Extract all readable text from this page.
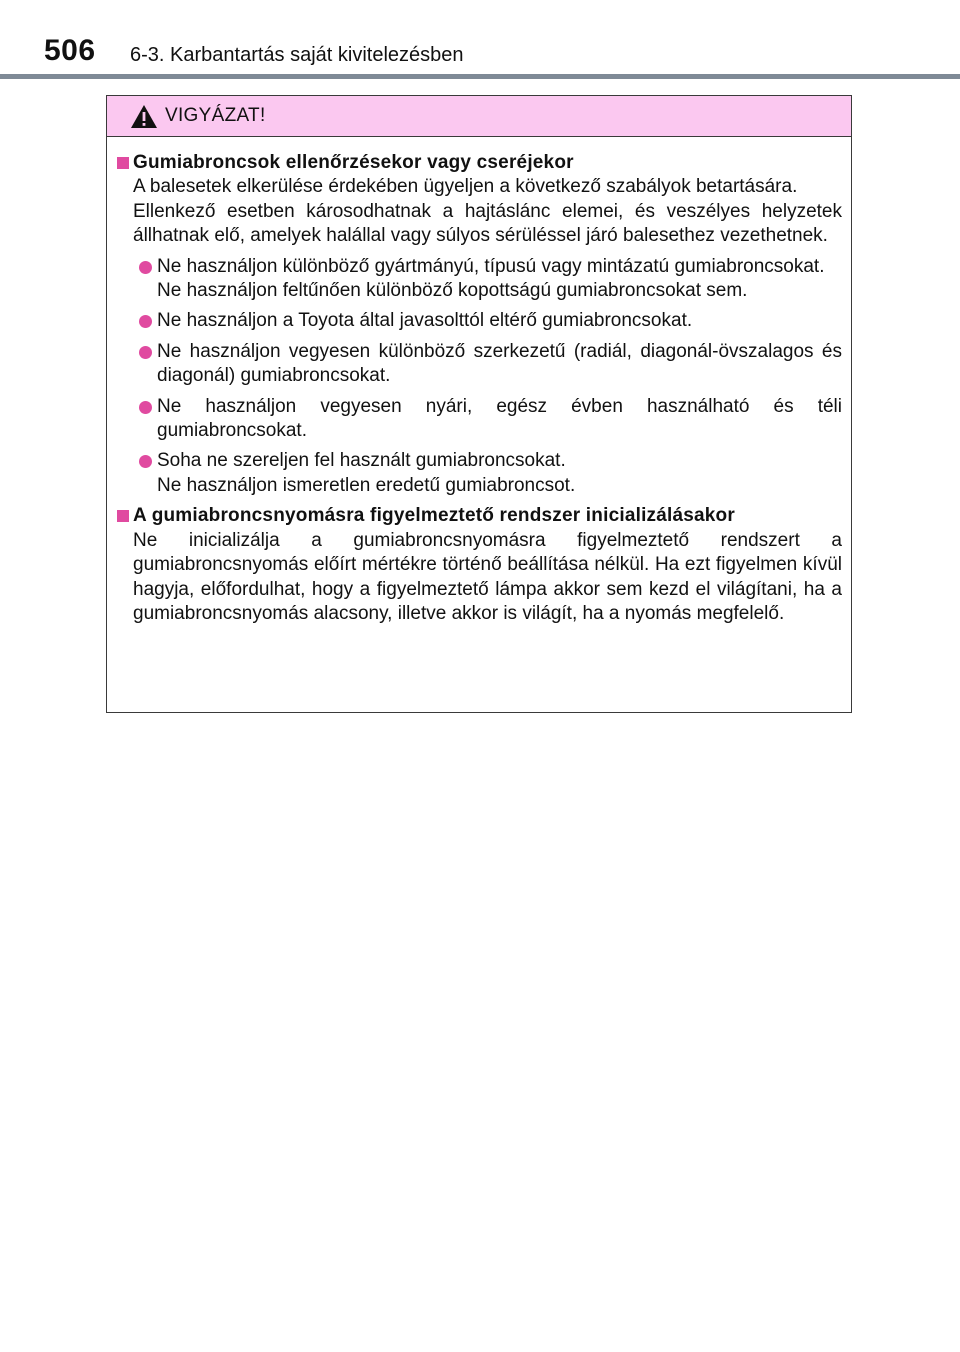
506 6-3. Karbantartás saját kivitelezésben
VIGYÁZAT!
Gumiabroncsok ellenőrzésekor vagy cseréjekor
A balesetek elkerülése érdekében ügyeljen a következő szabályok betartására.
Ellenkező esetben károsodhatnak a hajtáslánc elemei, és veszélyes helyzetek állhatnak elő, amelyek halállal vagy súlyos sérüléssel járó balesethez vezethetnek.

Ne használjon különböző gyártmányú, típusú vagy mintázatú gumiabroncsokat.

Ne használjon feltűnően különböző kopottságú gumiabroncsokat sem.

Ne használjon a Toyota által javasolttól eltérő gumiabroncsokat.

Ne használjon vegyesen különböző szerkezetű (radiál, diagonál-övszalagos és diagonál) gumiabroncsokat.

Ne használjon vegyesen nyári, egész évben használható és téli gumiabroncsokat.

Soha ne szereljen fel használt gumiabroncsokat.

Ne használjon ismeretlen eredetű gumiabroncsot.

A gumiabroncsnyomásra figyelmeztető rendszer inicializálásakor
Ne inicializálja a gumiabroncsnyomásra figyelmeztető rendszert a gumiabroncsnyomás előírt mértékre történő beállítása nélkül. Ha ezt figyelmen kívül hagyja, előfordulhat, hogy a figyelmeztető lámpa akkor sem kezd el világítani, ha a gumiabroncsnyomás alacsony, illetve akkor is világít, ha a nyomás megfelelő.
